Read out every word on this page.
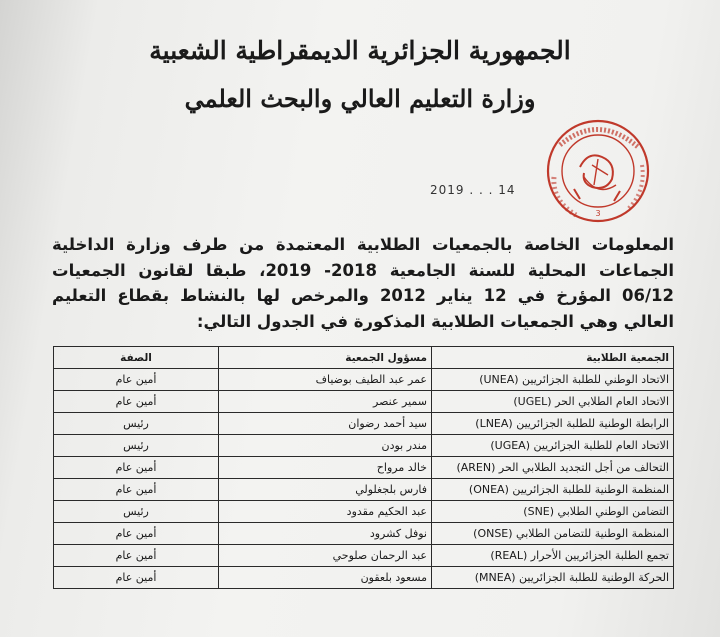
الجمهورية الجزائرية الديمقراطية الشعبية
وزارة التعليم العالي والبحث العلمي
3
2019 . . . 14
المعلومات الخاصة بالجمعيات الطلابية المعتمدة من طرف وزارة الداخلية الجماعات المحلية للسنة الجامعية 2018- 2019، طبقا لقانون الجمعيات 06/12 المؤرخ في 12 يناير 2012 والمرخص لها بالنشاط بقطاع التعليم العالي وهي الجمعيات الطلابية المذكورة في الجدول التالي:
الجمعية الطلابية	مسؤول الجمعية	الصفة
الاتحاد الوطني للطلبة الجزائريين (UNEA)	عمر عبد الطيف بوضياف	أمين عام
الاتحاد العام الطلابي الحر (UGEL)	سمير عنصر	أمين عام
الرابطة الوطنية للطلبة الجزائريين (LNEA)	سيد أحمد رضوان	رئيس
الاتحاد العام للطلبة الجزائريين (UGEA)	مندر بودن	رئيس
التحالف من أجل التجديد الطلابي الحر (AREN)	خالد مرواح	أمين عام
المنظمة الوطنية للطلبة الجزائريين (ONEA)	فارس بلجغلولي	أمين عام
التضامن الوطني الطلابي (SNE)	عبد الحكيم مقدود	رئيس
المنظمة الوطنية للتضامن الطلابي (ONSE)	نوفل كشرود	أمين عام
تجمع الطلبة الجزائريين الأحرار (REAL)	عبد الرحمان صلوحي	أمين عام
الحركة الوطنية للطلبة الجزائريين (MNEA)	مسعود بلعقون	أمين عام
